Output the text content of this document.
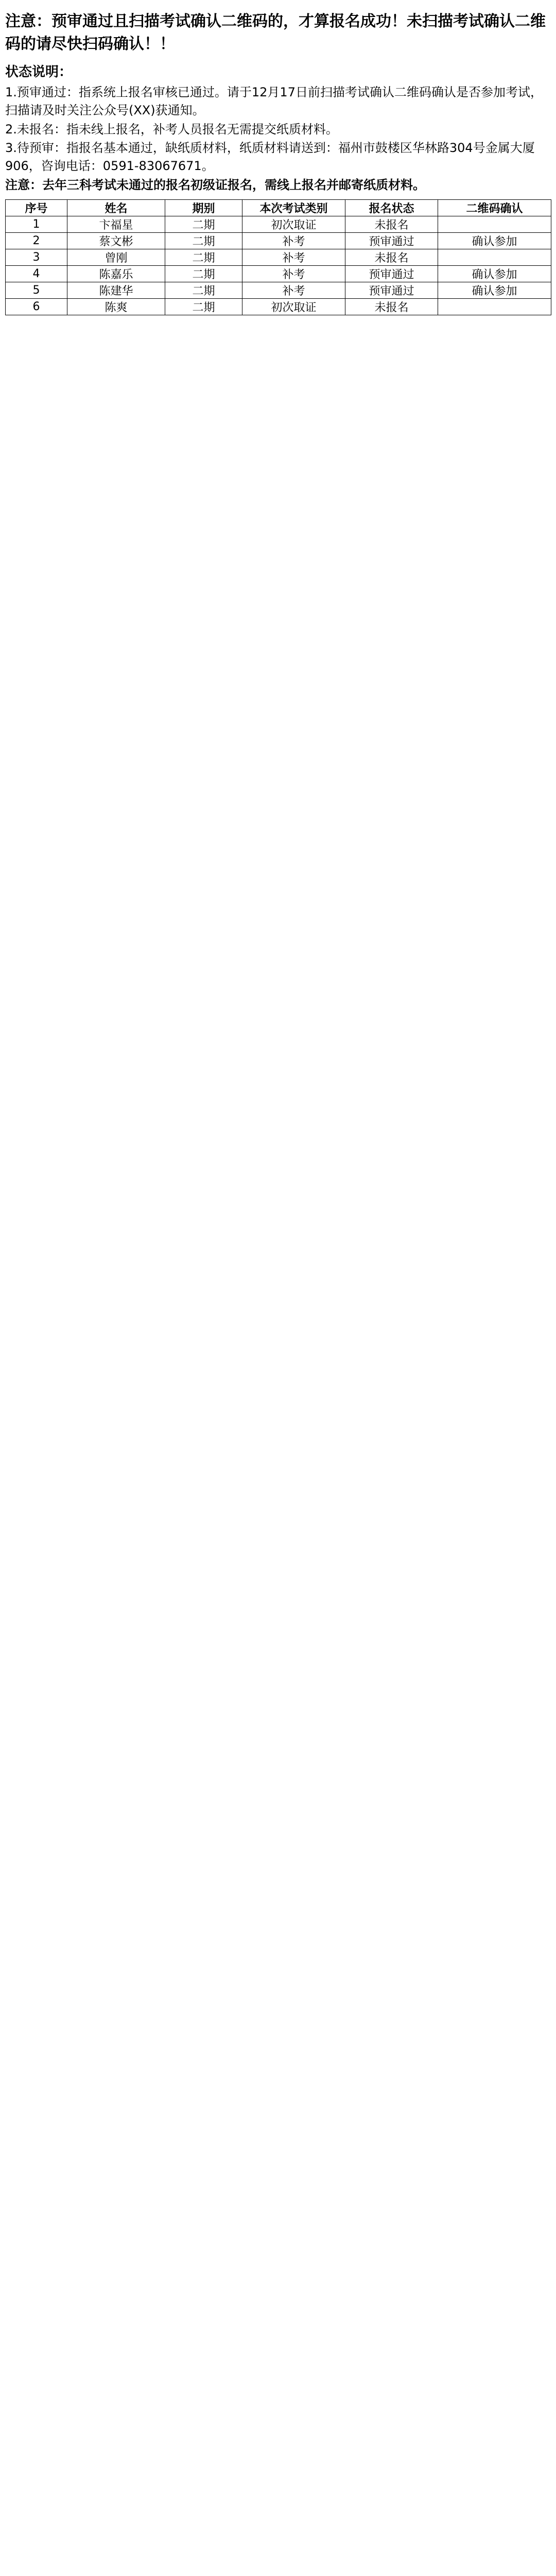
注意：预审通过且扫描考试确认二维码的，才算报名成功！未扫描考试确认二维码的请尽快扫码确认！！
状态说明：
1.预审通过：指系统上报名审核已通过。请于12月17日前扫描考试确认二维码确认是否参加考试，扫描请及时关注公众号(XX)获通知。
2.未报名：指未线上报名，补考人员报名无需提交纸质材料。
3.待预审：指报名基本通过，缺纸质材料，纸质材料请送到：福州市鼓楼区华林路304号金属大厦906，咨询电话：0591-83067671。
注意：去年三科考试未通过的报名初级证报名，需线上报名并邮寄纸质材料。
序号	姓名	期别	本次考试类别	报名状态	二维码确认
1	卞福星	二期	初次取证	未报名	
2	蔡文彬	二期	补考	预审通过	确认参加
3	曾刚	二期	补考	未报名	
4	陈嘉乐	二期	补考	预审通过	确认参加
5	陈建华	二期	补考	预审通过	确认参加
6	陈爽	二期	初次取证	未报名	
